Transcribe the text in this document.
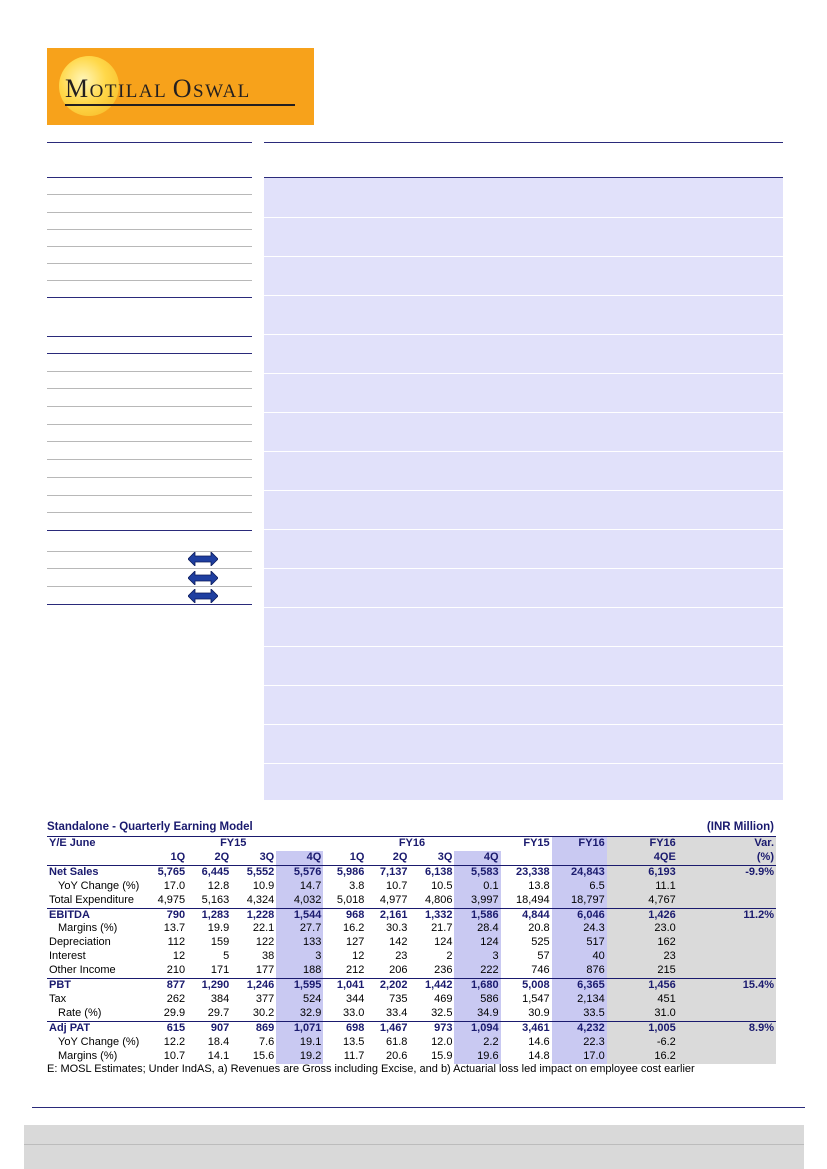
MOTILAL OSWAL
Standalone - Quarterly Earning Model	(INR Million)
Y/E June	FY15				FY16				FY15	FY16	FY16	Var.
	1Q	2Q	3Q	4Q	1Q	2Q	3Q	4Q			4QE	(%)
Net Sales	5,765	6,445	5,552	5,576	5,986	7,137	6,138	5,583	23,338	24,843	6,193	-9.9%
YoY Change (%)	17.0	12.8	10.9	14.7	3.8	10.7	10.5	0.1	13.8	6.5	11.1	
Total Expenditure	4,975	5,163	4,324	4,032	5,018	4,977	4,806	3,997	18,494	18,797	4,767	
EBITDA	790	1,283	1,228	1,544	968	2,161	1,332	1,586	4,844	6,046	1,426	11.2%
Margins (%)	13.7	19.9	22.1	27.7	16.2	30.3	21.7	28.4	20.8	24.3	23.0	
Depreciation	112	159	122	133	127	142	124	124	525	517	162	
Interest	12	5	38	3	12	23	2	3	57	40	23	
Other Income	210	171	177	188	212	206	236	222	746	876	215	
PBT	877	1,290	1,246	1,595	1,041	2,202	1,442	1,680	5,008	6,365	1,456	15.4%
Tax	262	384	377	524	344	735	469	586	1,547	2,134	451	
Rate (%)	29.9	29.7	30.2	32.9	33.0	33.4	32.5	34.9	30.9	33.5	31.0	
Adj PAT	615	907	869	1,071	698	1,467	973	1,094	3,461	4,232	1,005	8.9%
YoY Change (%)	12.2	18.4	7.6	19.1	13.5	61.8	12.0	2.2	14.6	22.3	-6.2	
Margins (%)	10.7	14.1	15.6	19.2	11.7	20.6	15.9	19.6	14.8	17.0	16.2	
E: MOSL Estimates; Under IndAS, a) Revenues are Gross including Excise, and b) Actuarial loss led impact on employee cost earlier
